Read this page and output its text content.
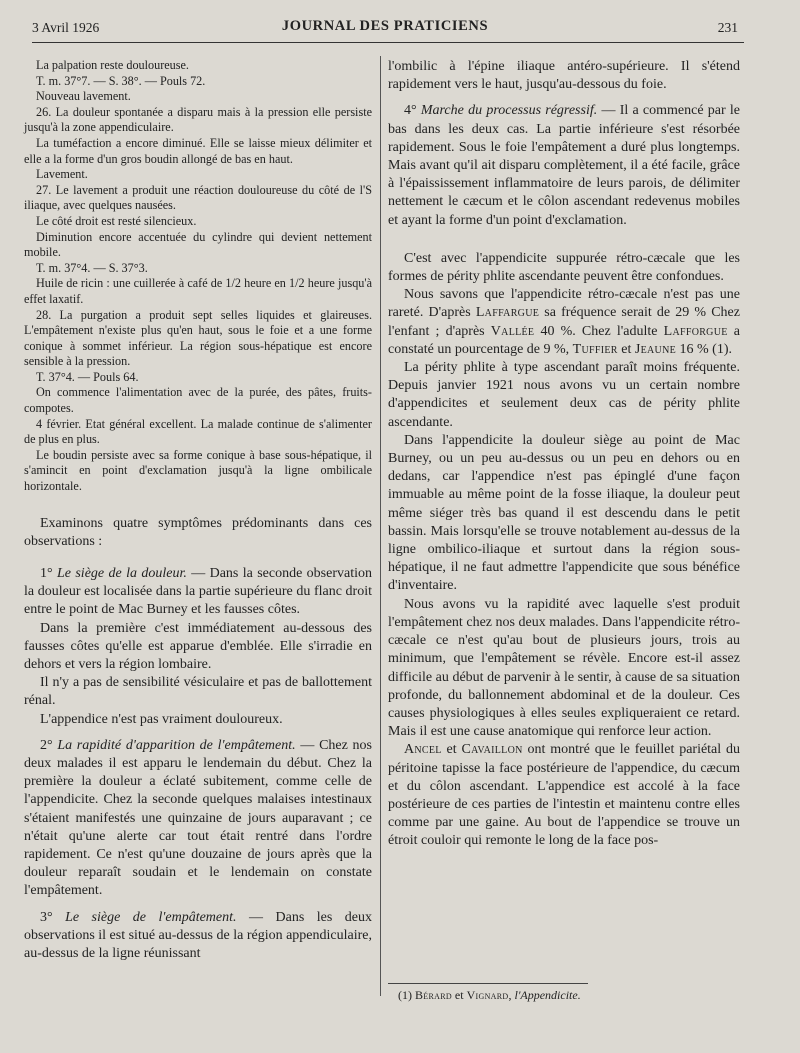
3 Avril 1926	JOURNAL DES PRATICIENS	231

La palpation reste douloureuse.

T. m. 37°7. — S. 38°. — Pouls 72.

Nouveau lavement.

26. La douleur spontanée a disparu mais à la pression elle persiste jusqu'à la zone appendiculaire.

La tuméfaction a encore diminué. Elle se laisse mieux délimiter et elle a la forme d'un gros boudin allongé de bas en haut.

Lavement.

27. Le lavement a produit une réaction douloureuse du côté de l'S iliaque, avec quelques nausées.

Le côté droit est resté silencieux.

Diminution encore accentuée du cylindre qui devient nettement mobile.

T. m. 37°4. — S. 37°3.

Huile de ricin : une cuillerée à café de 1/2 heure en 1/2 heure jusqu'à effet laxatif.

28. La purgation a produit sept selles liquides et glaireuses. L'empâtement n'existe plus qu'en haut, sous le foie et a une forme conique à sommet inférieur. La région sous-hépatique est encore sensible à la pression.

T. 37°4. — Pouls 64.

On commence l'alimentation avec de la purée, des pâtes, fruits-compotes.

4 février. Etat général excellent. La malade continue de s'alimenter de plus en plus.

Le boudin persiste avec sa forme conique à base sous-hépatique, il s'amincit en point d'exclamation jusqu'à la ligne ombilicale horizontale.

Examinons quatre symptômes prédominants dans ces observations :

1° Le siège de la douleur. — Dans la seconde observation la douleur est localisée dans la partie supérieure du flanc droit entre le point de Mac Burney et les fausses côtes.

Dans la première c'est immédiatement au-dessous des fausses côtes qu'elle est apparue d'emblée. Elle s'irradie en dehors et vers la région lombaire.

Il n'y a pas de sensibilité vésiculaire et pas de ballottement rénal.

L'appendice n'est pas vraiment douloureux.

2° La rapidité d'apparition de l'empâtement. — Chez nos deux malades il est apparu le lendemain du début. Chez la première la douleur a éclaté subitement, comme celle de l'appendicite. Chez la seconde quelques malaises intestinaux s'étaient manifestés une quinzaine de jours auparavant ; ce n'était qu'une alerte car tout était rentré dans l'ordre rapidement. Ce n'est qu'une douzaine de jours après que la douleur reparaît soudain et le lendemain on constate l'empâtement.

3° Le siège de l'empâtement. — Dans les deux observations il est situé au-dessus de la région appendiculaire, au-dessus de la ligne réunissant

l'ombilic à l'épine iliaque antéro-supérieure. Il s'étend rapidement vers le haut, jusqu'au-dessous du foie.

4° Marche du processus régressif. — Il a commencé par le bas dans les deux cas. La partie inférieure s'est résorbée rapidement. Sous le foie l'empâtement a duré plus longtemps. Mais avant qu'il ait disparu complètement, il a été facile, grâce à l'épaississement inflammatoire de leurs parois, de délimiter nettement le cæcum et le côlon ascendant redevenus mobiles et ayant la forme d'un point d'exclamation.

C'est avec l'appendicite suppurée rétro-cæcale que les formes de périty phlite ascendante peuvent être confondues.

Nous savons que l'appendicite rétro-cæcale n'est pas une rareté. D'après Laffargue sa fréquence serait de 29 % Chez l'enfant ; d'après Vallée 40 %. Chez l'adulte Lafforgue a constaté un pourcentage de 9 %, Tuffier et Jeaune 16 % (1).

La périty phlite à type ascendant paraît moins fréquente. Depuis janvier 1921 nous avons vu un certain nombre d'appendicites et seulement deux cas de périty phlite ascendante.

Dans l'appendicite la douleur siège au point de Mac Burney, ou un peu au-dessus ou un peu en dehors ou en dedans, car l'appendice n'est pas épinglé d'une façon immuable au même point de la fosse iliaque, la douleur peut même siéger très bas quand il est descendu dans le petit bassin. Mais lorsqu'elle se trouve notablement au-dessus de la ligne ombilico-iliaque et surtout dans la région sous-hépatique, il ne faut admettre l'appendicite que sous bénéfice d'inventaire.

Nous avons vu la rapidité avec laquelle s'est produit l'empâtement chez nos deux malades. Dans l'appendicite rétro-cæcale ce n'est qu'au bout de plusieurs jours, trois au minimum, que l'empâtement se révèle. Encore est-il assez difficile au début de parvenir à le sentir, à cause de sa situation profonde, du ballonnement abdominal et de la douleur. Ces causes physiologiques à elles seules expliqueraient ce retard. Mais il est une cause anatomique qui renforce leur action.

Ancel et Cavaillon ont montré que le feuillet pariétal du péritoine tapisse la face postérieure de l'appendice, du cæcum et du côlon ascendant. L'appendice est accolé à la face postérieure de ces parties de l'intestin et maintenu contre elles comme par une gaine. Au bout de l'appendice se trouve un étroit couloir qui remonte le long de la face pos-

(1) Bérard et Vignard, l'Appendicite.
